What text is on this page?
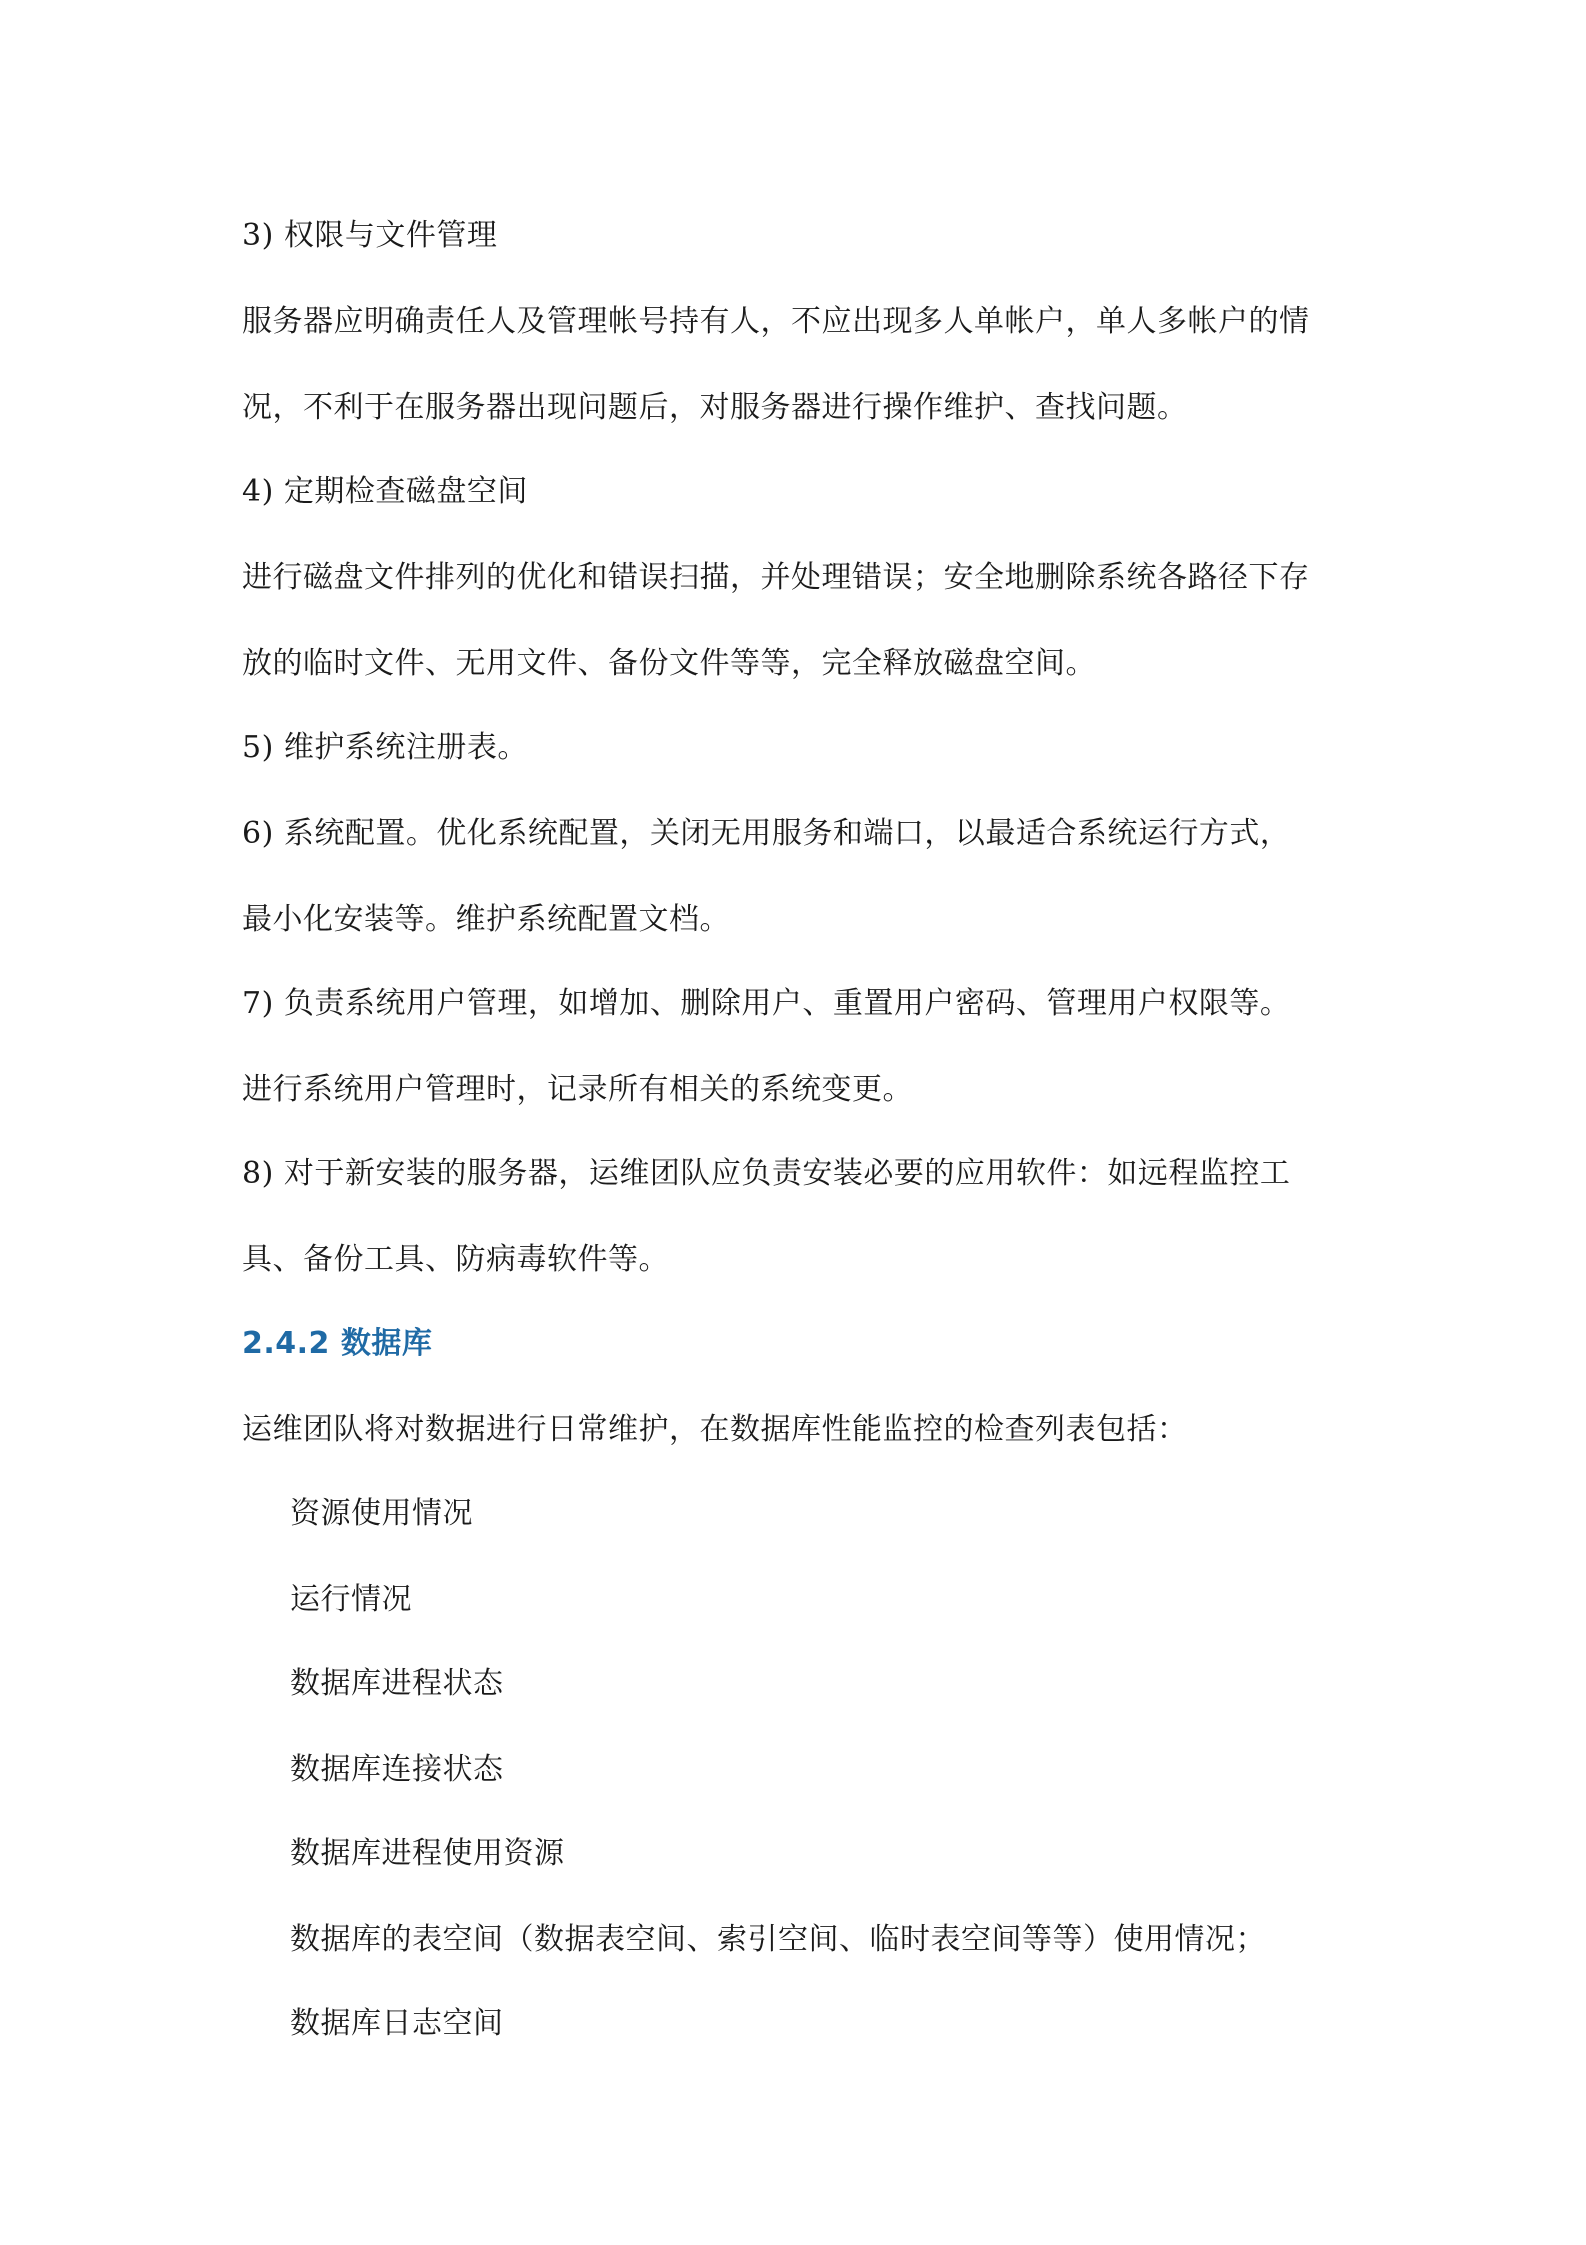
3) 权限与文件管理
服务器应明确责任人及管理帐号持有人，不应出现多人单帐户，单人多帐户的情
况，不利于在服务器出现问题后，对服务器进行操作维护、查找问题。
4) 定期检查磁盘空间
进行磁盘文件排列的优化和错误扫描，并处理错误；安全地删除系统各路径下存
放的临时文件、无用文件、备份文件等等，完全释放磁盘空间。
5) 维护系统注册表。
6) 系统配置。优化系统配置，关闭无用服务和端口，以最适合系统运行方式，
最小化安装等。维护系统配置文档。
7) 负责系统用户管理，如增加、删除用户、重置用户密码、管理用户权限等。
进行系统用户管理时，记录所有相关的系统变更。
8) 对于新安装的服务器，运维团队应负责安装必要的应用软件：如远程监控工
具、备份工具、防病毒软件等。
2.4.2 数据库
运维团队将对数据进行日常维护，在数据库性能监控的检查列表包括：
资源使用情况
运行情况
数据库进程状态
数据库连接状态
数据库进程使用资源
数据库的表空间（数据表空间、索引空间、临时表空间等等）使用情况；
数据库日志空间
